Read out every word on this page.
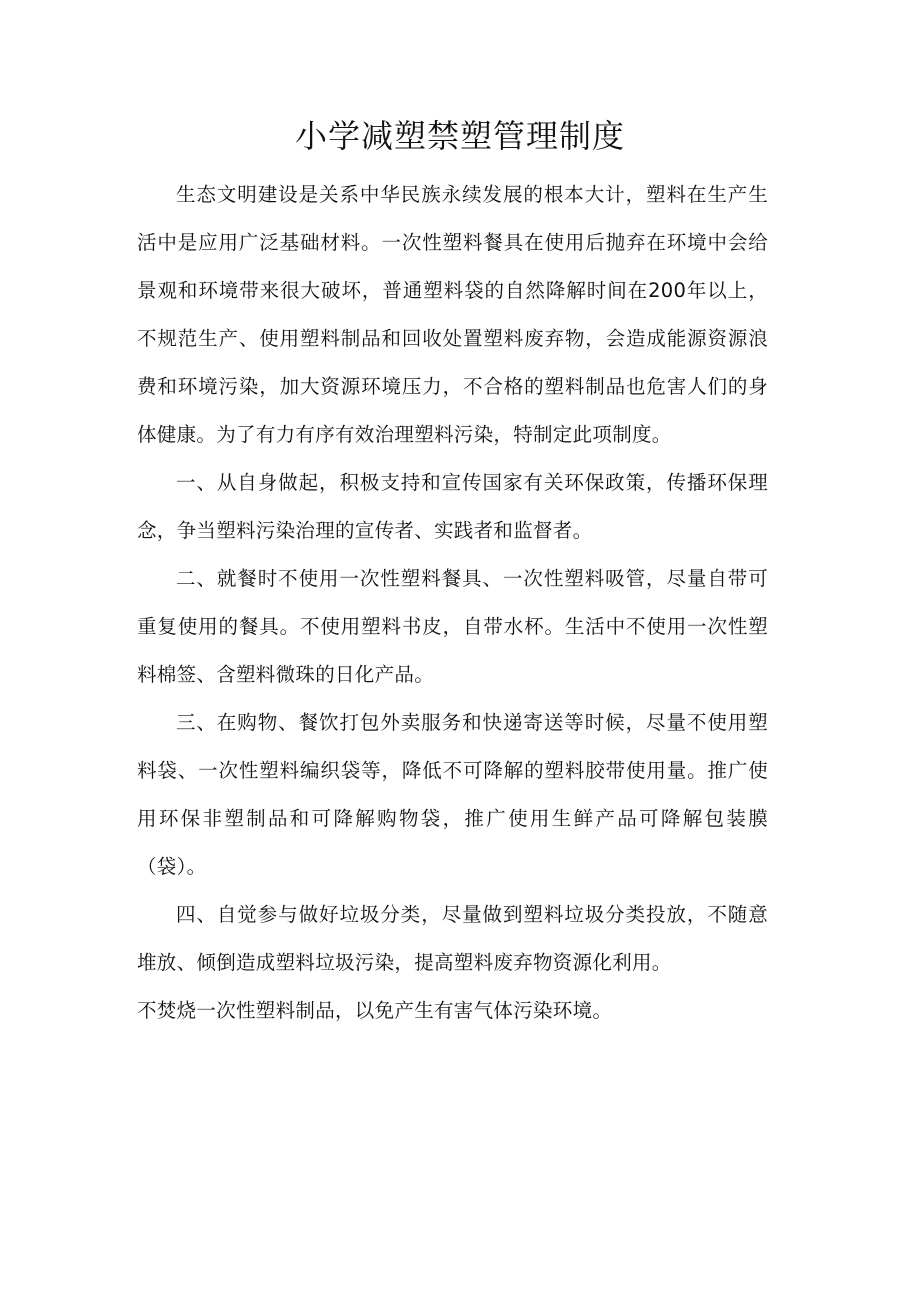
小学减塑禁塑管理制度

生态文明建设是关系中华民族永续发展的根本大计，塑料在生产生活中是应用广泛基础材料。一次性塑料餐具在使用后抛弃在环境中会给景观和环境带来很大破坏，普通塑料袋的自然降解时间在200年以上，不规范生产、使用塑料制品和回收处置塑料废弃物，会造成能源资源浪费和环境污染，加大资源环境压力，不合格的塑料制品也危害人们的身体健康。为了有力有序有效治理塑料污染，特制定此项制度。

一、从自身做起，积极支持和宣传国家有关环保政策，传播环保理念，争当塑料污染治理的宣传者、实践者和监督者。

二、就餐时不使用一次性塑料餐具、一次性塑料吸管，尽量自带可重复使用的餐具。不使用塑料书皮，自带水杯。生活中不使用一次性塑料棉签、含塑料微珠的日化产品。

三、在购物、餐饮打包外卖服务和快递寄送等时候，尽量不使用塑料袋、一次性塑料编织袋等，降低不可降解的塑料胶带使用量。推广使用环保非塑制品和可降解购物袋，推广使用生鲜产品可降解包装膜（袋）。

四、自觉参与做好垃圾分类，尽量做到塑料垃圾分类投放，不随意堆放、倾倒造成塑料垃圾污染，提高塑料废弃物资源化利用。

不焚烧一次性塑料制品，以免产生有害气体污染环境。
